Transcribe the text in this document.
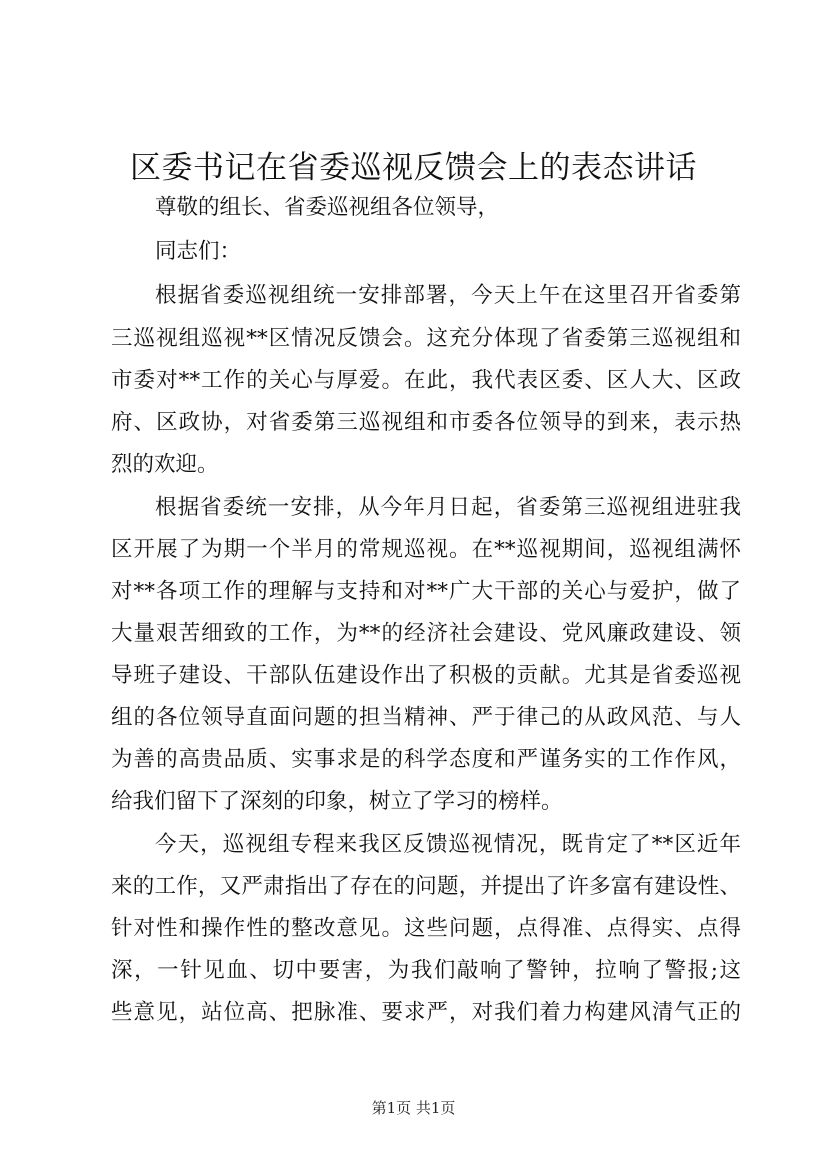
区委书记在省委巡视反馈会上的表态讲话
尊敬的组长、省委巡视组各位领导，
同志们：
根据省委巡视组统一安排部署，今天上午在这里召开省委第
三巡视组巡视**区情况反馈会。这充分体现了省委第三巡视组和
市委对**工作的关心与厚爱。在此，我代表区委、区人大、区政
府、区政协，对省委第三巡视组和市委各位领导的到来，表示热
烈的欢迎。
根据省委统一安排，从今年月日起，省委第三巡视组进驻我
区开展了为期一个半月的常规巡视。在**巡视期间，巡视组满怀
对**各项工作的理解与支持和对**广大干部的关心与爱护，做了
大量艰苦细致的工作，为**的经济社会建设、党风廉政建设、领
导班子建设、干部队伍建设作出了积极的贡献。尤其是省委巡视
组的各位领导直面问题的担当精神、严于律己的从政风范、与人
为善的高贵品质、实事求是的科学态度和严谨务实的工作作风，
给我们留下了深刻的印象，树立了学习的榜样。
今天，巡视组专程来我区反馈巡视情况，既肯定了**区近年
来的工作，又严肃指出了存在的问题，并提出了许多富有建设性、
针对性和操作性的整改意见。这些问题，点得准、点得实、点得
深，一针见血、切中要害，为我们敲响了警钟，拉响了警报;这
些意见，站位高、把脉准、要求严，对我们着力构建风清气正的
第1页 共1页
